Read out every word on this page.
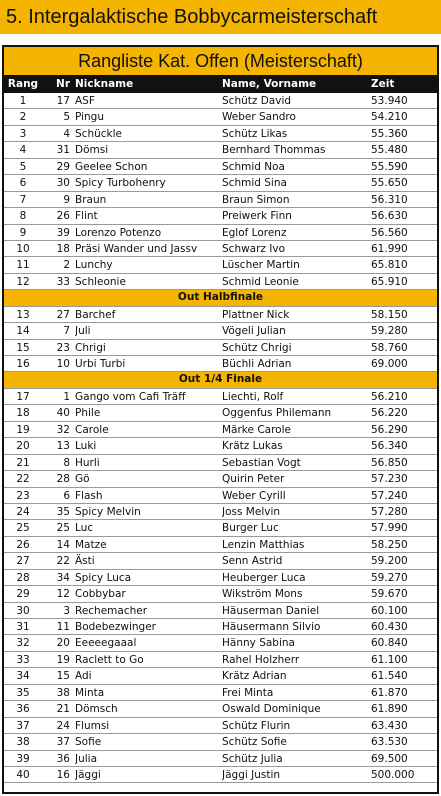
5. Intergalaktische Bobbycarmeisterschaft
Rangliste Kat. Offen (Meisterschaft)
Rang	Nr Nickname	Name, Vorname	Zeit
1	17 ASF	Schütz David	53.940
2	5 Pingu	Weber Sandro	54.210
3	4 Schückle	Schütz Likas	55.360
4	31 Dömsi	Bernhard Thommas	55.480
5	29 Geelee Schon	Schmid Noa	55.590
6	30 Spicy Turbohenry	Schmid Sina	55.650
7	9 Braun	Braun Simon	56.310
8	26 Flint	Preiwerk Finn	56.630
9	39 Lorenzo Potenzo	Eglof Lorenz	56.560
10	18 Präsi Wander und Jassv	Schwarz Ivo	61.990
11	2 Lunchy	Lüscher Martin	65.810
12	33 Schleonie	Schmid Leonie	65.910
Out Halbfinale
13	27 Barchef	Plattner Nick	58.150
14	7 Juli	Vögeli Julian	59.280
15	23 Chrigi	Schütz Chrigi	58.760
16	10 Urbi Turbi	Büchli Adrian	69.000
Out 1/4 Finale
17	1 Gango vom Cafi Träff	Liechti, Rolf	56.210
18	40 Phile	Oggenfus Philemann	56.220
19	32 Carole	Märke Carole	56.290
20	13 Luki	Krätz Lukas	56.340
21	8 Hurli	Sebastian Vogt	56.850
22	28 Gö	Quirin Peter	57.230
23	6 Flash	Weber Cyrill	57.240
24	35 Spicy Melvin	Joss Melvin	57.280
25	25 Luc	Burger Luc	57.990
26	14 Matze	Lenzin Matthias	58.250
27	22 Ästi	Senn Astrid	59.200
28	34 Spicy Luca	Heuberger Luca	59.270
29	12 Cobbybar	Wikström Mons	59.670
30	3 Rechemacher	Häuserman Daniel	60.100
31	11 Bodebezwinger	Häusermann Silvio	60.430
32	20 Eeeeegaaal	Hänny Sabina	60.840
33	19 Raclett to Go	Rahel Holzherr	61.100
34	15 Adi	Krätz Adrian	61.540
35	38 Minta	Frei Minta	61.870
36	21 Dömsch	Oswald Dominique	61.890
37	24 Flumsi	Schütz Flurin	63.430
38	37 Sofie	Schütz Sofie	63.530
39	36 Julia	Schütz Julia	69.500
40	16 Jäggi	Jäggi Justin	500.000
